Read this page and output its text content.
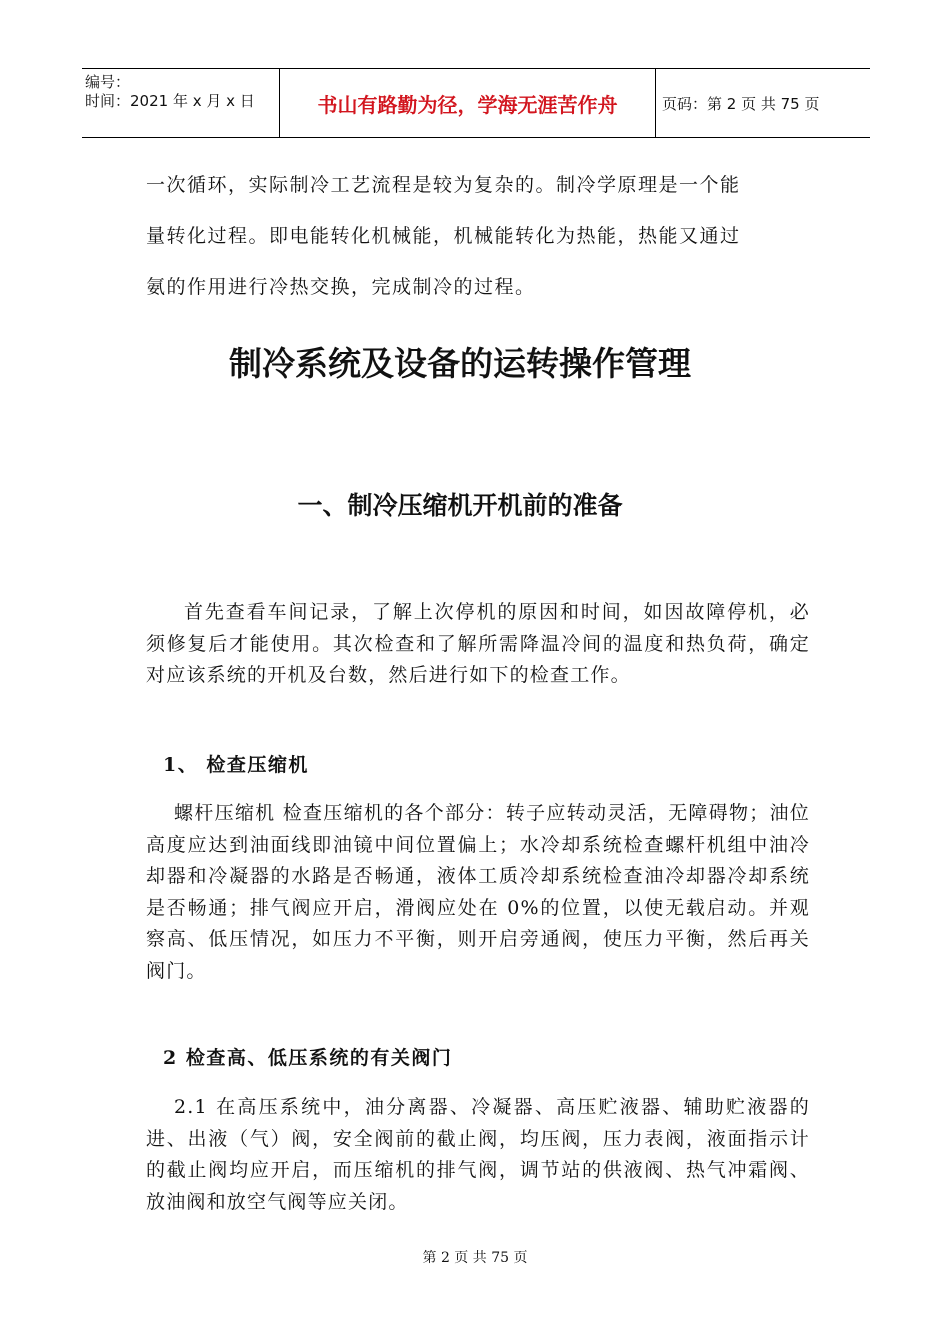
编号：
时间：2021 年 x 月 x 日	书山有路勤为径，学海无涯苦作舟	页码：第 2 页 共 75 页

一次循环，实际制冷工艺流程是较为复杂的。制冷学原理是一个能

量转化过程。即电能转化机械能，机械能转化为热能，热能又通过

氨的作用进行冷热交换，完成制冷的过程。

制冷系统及设备的运转操作管理
一、制冷压缩机开机前的准备

首先查看车间记录，了解上次停机的原因和时间，如因故障停机，必须修复后才能使用。其次检查和了解所需降温冷间的温度和热负荷，确定对应该系统的开机及台数，然后进行如下的检查工作。

1、 检查压缩机

螺杆压缩机 检查压缩机的各个部分：转子应转动灵活，无障碍物；油位高度应达到油面线即油镜中间位置偏上；水冷却系统检查螺杆机组中油冷却器和冷凝器的水路是否畅通，液体工质冷却系统检查油冷却器冷却系统是否畅通；排气阀应开启，滑阀应处在 0%的位置，以使无载启动。并观察高、低压情况，如压力不平衡，则开启旁通阀，使压力平衡，然后再关阀门。

2 检查高、低压系统的有关阀门

2.1 在高压系统中，油分离器、冷凝器、高压贮液器、辅助贮液器的进、出液（气）阀，安全阀前的截止阀，均压阀，压力表阀，液面指示计的截止阀均应开启，而压缩机的排气阀，调节站的供液阀、热气冲霜阀、放油阀和放空气阀等应关闭。

第 2 页 共 75 页
